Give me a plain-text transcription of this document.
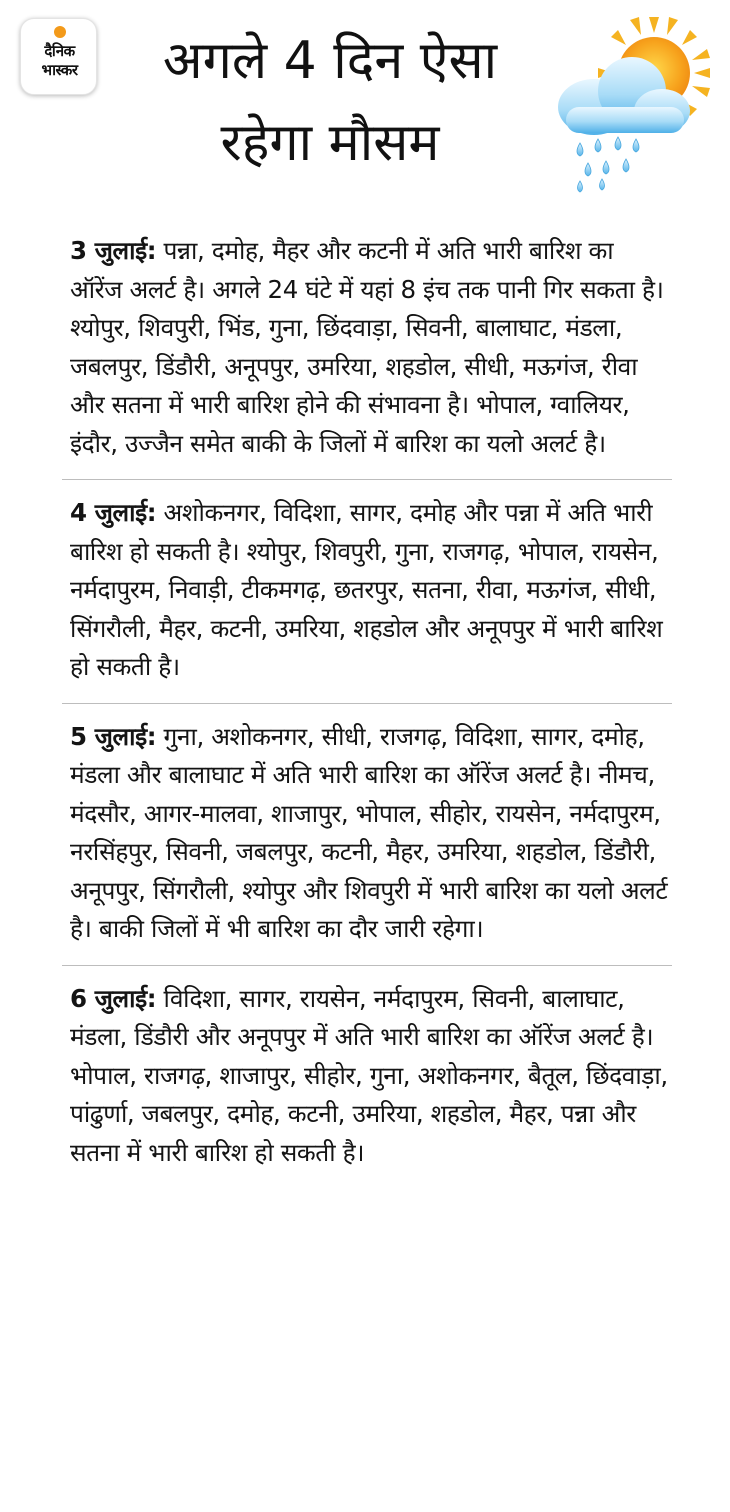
दैनिक
भास्कर	अगले 4 दिन ऐसा
रहेगा मौसम
3 जुलाई: पन्ना, दमोह, मैहर और कटनी में अति भारी बारिश का ऑरेंज अलर्ट है। अगले 24 घंटे में यहां 8 इंच तक पानी गिर सकता है। श्योपुर, शिवपुरी, भिंड, गुना, छिंदवाड़ा, सिवनी, बालाघाट, मंडला, जबलपुर, डिंडौरी, अनूपपुर, उमरिया, शहडोल, सीधी, मऊगंज, रीवा और सतना में भारी बारिश होने की संभावना है। भोपाल, ग्वालियर, इंदौर, उज्जैन समेत बाकी के जिलों में बारिश का यलो अलर्ट है।
4 जुलाई: अशोकनगर, विदिशा, सागर, दमोह और पन्ना में अति भारी बारिश हो सकती है। श्योपुर, शिवपुरी, गुना, राजगढ़, भोपाल, रायसेन, नर्मदापुरम, निवाड़ी, टीकमगढ़, छतरपुर, सतना, रीवा, मऊगंज, सीधी, सिंगरौली, मैहर, कटनी, उमरिया, शहडोल और अनूपपुर में भारी बारिश हो सकती है।
5 जुलाई: गुना, अशोकनगर, सीधी, राजगढ़, विदिशा, सागर, दमोह, मंडला और बालाघाट में अति भारी बारिश का ऑरेंज अलर्ट है। नीमच, मंदसौर, आगर-मालवा, शाजापुर, भोपाल, सीहोर, रायसेन, नर्मदापुरम, नरसिंहपुर, सिवनी, जबलपुर, कटनी, मैहर, उमरिया, शहडोल, डिंडौरी, अनूपपुर, सिंगरौली, श्योपुर और शिवपुरी में भारी बारिश का यलो अलर्ट है। बाकी जिलों में भी बारिश का दौर जारी रहेगा।
6 जुलाई: विदिशा, सागर, रायसेन, नर्मदापुरम, सिवनी, बालाघाट, मंडला, डिंडौरी और अनूपपुर में अति भारी बारिश का ऑरेंज अलर्ट है। भोपाल, राजगढ़, शाजापुर, सीहोर, गुना, अशोकनगर, बैतूल, छिंदवाड़ा, पांढुर्णा, जबलपुर, दमोह, कटनी, उमरिया, शहडोल, मैहर, पन्ना और सतना में भारी बारिश हो सकती है।
